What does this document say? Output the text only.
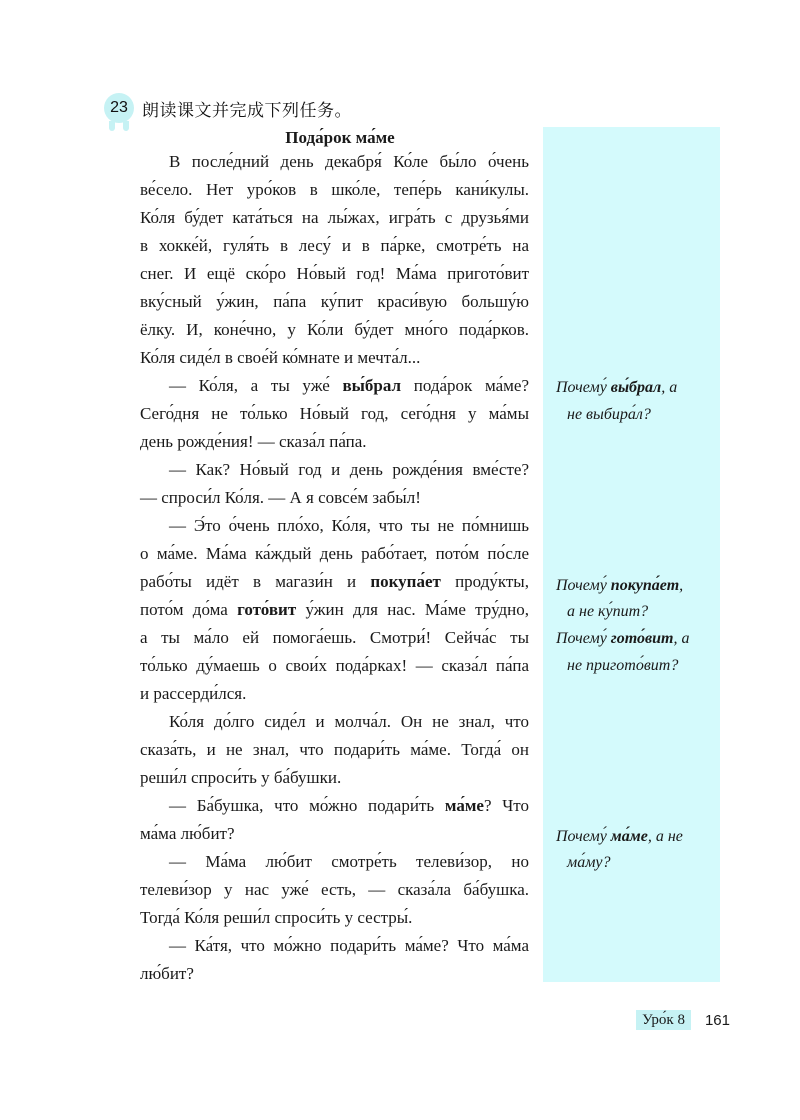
23 朗读课文并完成下列任务。
Пода́рок ма́ме
В после́дний день декабря́ Ко́ле бы́ло о́чень
ве́село. Нет уро́ков в шко́ле, тепе́рь кани́кулы.
Ко́ля бу́дет ката́ться на лы́жах, игра́ть с друзья́ми
в хокке́й, гуля́ть в лесу́ и в па́рке, смотре́ть на
снег. И ещё ско́ро Но́вый год! Ма́ма пригото́вит
вку́сный у́жин, па́па ку́пит краси́вую большу́ю
ёлку. И, коне́чно, у Ко́ли бу́дет мно́го пода́рков.
Ко́ля сиде́л в свое́й ко́мнате и мечта́л...
— Ко́ля, а ты уже́ вы́брал пода́рок ма́ме?
Сего́дня не то́лько Но́вый год, сего́дня у ма́мы
день рожде́ния! — сказа́л па́па.
— Как? Но́вый год и день рожде́ния вме́сте?
— спроси́л Ко́ля. — А я совсе́м забы́л!
— Э́то о́чень пло́хо, Ко́ля, что ты не по́мнишь
о ма́ме. Ма́ма ка́ждый день рабо́тает, пото́м по́сле
рабо́ты идёт в магази́н и покупа́ет проду́кты,
пото́м до́ма гото́вит у́жин для нас. Ма́ме тру́дно,
а ты ма́ло ей помога́ешь. Смотри́! Сейча́с ты
то́лько ду́маешь о свои́х пода́рках! — сказа́л па́па
и рассерди́лся.
Ко́ля до́лго сиде́л и молча́л. Он не знал, что
сказа́ть, и не знал, что подари́ть ма́ме. Тогда́ он
реши́л спроси́ть у ба́бушки.
— Ба́бушка, что мо́жно подари́ть ма́ме? Что
ма́ма лю́бит?
— Ма́ма лю́бит смотре́ть телеви́зор, но
телеви́зор у нас уже́ есть, — сказа́ла ба́бушка.
Тогда́ Ко́ля реши́л спроси́ть у сестры́.
— Ка́тя, что мо́жно подари́ть ма́ме? Что ма́ма
лю́бит?
Почему́ вы́брал, а
не выбира́л?
Почему́ покупа́ет,
а не ку́пит?
Почему́ гото́вит, а
не пригото́вит?
Почему́ ма́ме, а не
ма́му?
Уро́к 8	161
